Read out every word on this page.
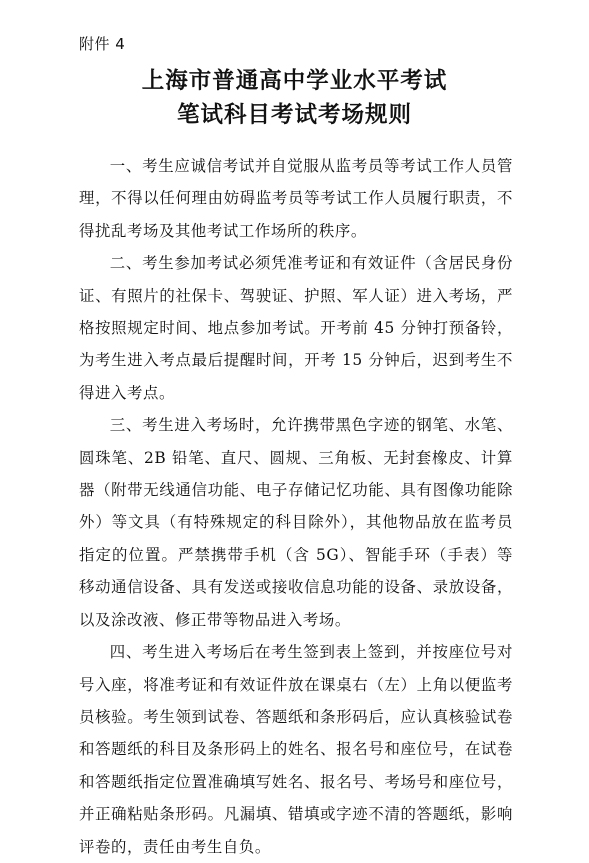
附件 4
上海市普通高中学业水平考试
笔试科目考试考场规则

一、考生应诚信考试并自觉服从监考员等考试工作人员管理，不得以任何理由妨碍监考员等考试工作人员履行职责，不得扰乱考场及其他考试工作场所的秩序。

二、考生参加考试必须凭准考证和有效证件（含居民身份证、有照片的社保卡、驾驶证、护照、军人证）进入考场，严格按照规定时间、地点参加考试。开考前 45 分钟打预备铃，为考生进入考点最后提醒时间，开考 15 分钟后，迟到考生不得进入考点。

三、考生进入考场时，允许携带黑色字迹的钢笔、水笔、圆珠笔、2B 铅笔、直尺、圆规、三角板、无封套橡皮、计算器（附带无线通信功能、电子存储记忆功能、具有图像功能除外）等文具（有特殊规定的科目除外），其他物品放在监考员指定的位置。严禁携带手机（含 5G）、智能手环（手表）等移动通信设备、具有发送或接收信息功能的设备、录放设备，以及涂改液、修正带等物品进入考场。

四、考生进入考场后在考生签到表上签到，并按座位号对号入座，将准考证和有效证件放在课桌右（左）上角以便监考员核验。考生领到试卷、答题纸和条形码后，应认真核验试卷和答题纸的科目及条形码上的姓名、报名号和座位号，在试卷和答题纸指定位置准确填写姓名、报名号、考场号和座位号，并正确粘贴条形码。凡漏填、错填或字迹不清的答题纸，影响评卷的，责任由考生自负。
